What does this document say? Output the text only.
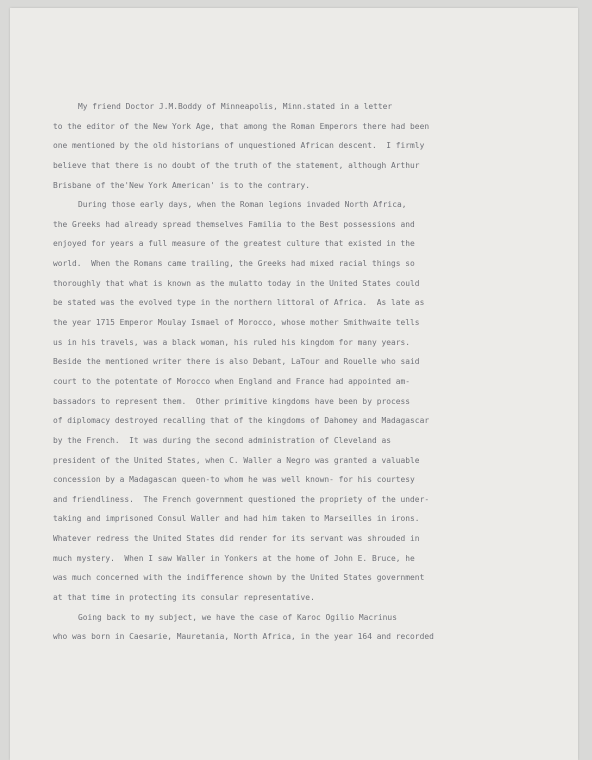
My friend Doctor J.M.Boddy of Minneapolis, Minn.stated in a letter
to the editor of the New York Age, that among the Roman Emperors there had been
one mentioned by the old historians of unquestioned African descent.  I firmly
believe that there is no doubt of the truth of the statement, although Arthur
Brisbane of the'New York American' is to the contrary.
During those early days, when the Roman legions invaded North Africa,
the Greeks had already spread themselves Familia to the Best possessions and
enjoyed for years a full measure of the greatest culture that existed in the
world.  When the Romans came trailing, the Greeks had mixed racial things so
thoroughly that what is known as the mulatto today in the United States could
be stated was the evolved type in the northern littoral of Africa.  As late as
the year 1715 Emperor Moulay Ismael of Morocco, whose mother Smithwaite tells
us in his travels, was a black woman, his ruled his kingdom for many years.
Beside the mentioned writer there is also Debant, LaTour and Rouelle who said
court to the potentate of Morocco when England and France had appointed am-
bassadors to represent them.  Other primitive kingdoms have been by process
of diplomacy destroyed recalling that of the kingdoms of Dahomey and Madagascar
by the French.  It was during the second administration of Cleveland as
president of the United States, when C. Waller a Negro was granted a valuable
concession by a Madagascan queen-to whom he was well known- for his courtesy
and friendliness.  The French government questioned the propriety of the under-
taking and imprisoned Consul Waller and had him taken to Marseilles in irons.
Whatever redress the United States did render for its servant was shrouded in
much mystery.  When I saw Waller in Yonkers at the home of John E. Bruce, he
was much concerned with the indifference shown by the United States government
at that time in protecting its consular representative.
Going back to my subject, we have the case of Karoc Ogilio Macrinus
who was born in Caesarie, Mauretania, North Africa, in the year 164 and recorded
